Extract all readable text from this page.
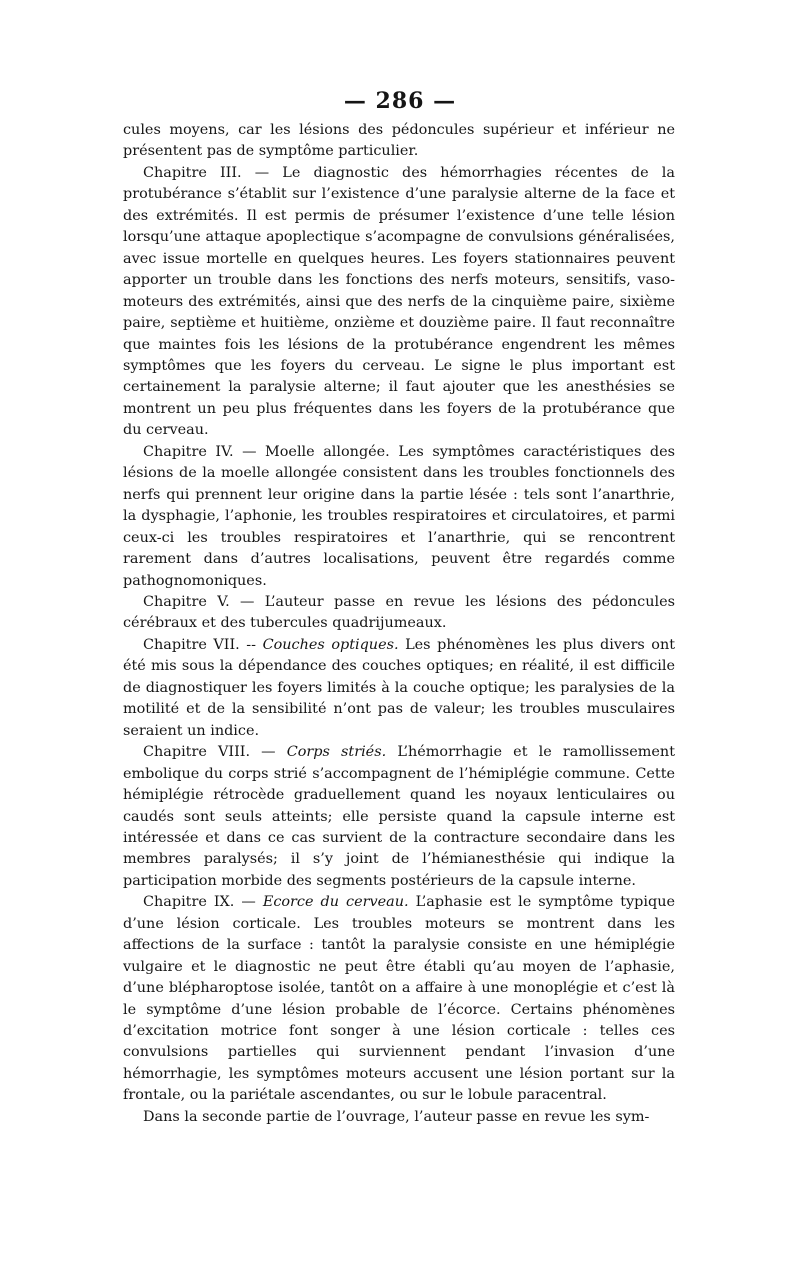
— 286 —

cules moyens, car les lésions des pédoncules supérieur et inférieur ne présentent pas de symptôme particulier.

Chapitre III. — Le diagnostic des hémorrhagies récentes de la protubérance s’établit sur l’existence d’une paralysie alterne de la face et des extrémités. Il est permis de présumer l’existence d’une telle lésion lorsqu’une attaque apoplectique s’acompagne de convulsions généralisées, avec issue mortelle en quelques heures. Les foyers stationnaires peuvent apporter un trouble dans les fonctions des nerfs moteurs, sensitifs, vaso-moteurs des extrémités, ainsi que des nerfs de la cinquième paire, sixième paire, septième et huitième, onzième et douzième paire. Il faut reconnaître que maintes fois les lésions de la protubérance engendrent les mêmes symptômes que les foyers du cerveau. Le signe le plus important est certainement la paralysie alterne; il faut ajouter que les anesthésies se montrent un peu plus fréquentes dans les foyers de la protubérance que du cerveau.

Chapitre IV. — Moelle allongée. Les symptômes caractéristiques des lésions de la moelle allongée consistent dans les troubles fonctionnels des nerfs qui prennent leur origine dans la partie lésée : tels sont l’anarthrie, la dysphagie, l’aphonie, les troubles respiratoires et circulatoires, et parmi ceux-ci les troubles respiratoires et l’anarthrie, qui se rencontrent rarement dans d’autres localisations, peuvent être regardés comme pathognomoniques.

Chapitre V. — L’auteur passe en revue les lésions des pédoncules cérébraux et des tubercules quadrijumeaux.

Chapitre VII. -- Couches optiques. Les phénomènes les plus divers ont été mis sous la dépendance des couches optiques; en réalité, il est difficile de diagnostiquer les foyers limités à la couche optique; les paralysies de la motilité et de la sensibilité n’ont pas de valeur; les troubles musculaires seraient un indice.

Chapitre VIII. — Corps striés. L’hémorrhagie et le ramollissement embolique du corps strié s’accompagnent de l’hémiplégie commune. Cette hémiplégie rétrocède graduellement quand les noyaux lenticulaires ou caudés sont seuls atteints; elle persiste quand la capsule interne est intéressée et dans ce cas survient de la contracture secondaire dans les membres paralysés; il s’y joint de l’hémianesthésie qui indique la participation morbide des segments postérieurs de la capsule interne.

Chapitre IX. — Ecorce du cerveau. L’aphasie est le symptôme typique d’une lésion corticale. Les troubles moteurs se montrent dans les affections de la surface : tantôt la paralysie consiste en une hémiplégie vulgaire et le diagnostic ne peut être établi qu’au moyen de l’aphasie, d’une blépharoptose isolée, tantôt on a affaire à une monoplégie et c’est là le symptôme d’une lésion probable de l’écorce. Certains phénomènes d’excitation motrice font songer à une lésion corticale : telles ces convulsions partielles qui surviennent pendant l’invasion d’une hémorrhagie, les symptômes moteurs accusent une lésion portant sur la frontale, ou la pariétale ascendantes, ou sur le lobule paracentral.

Dans la seconde partie de l’ouvrage, l’auteur passe en revue les sym-
